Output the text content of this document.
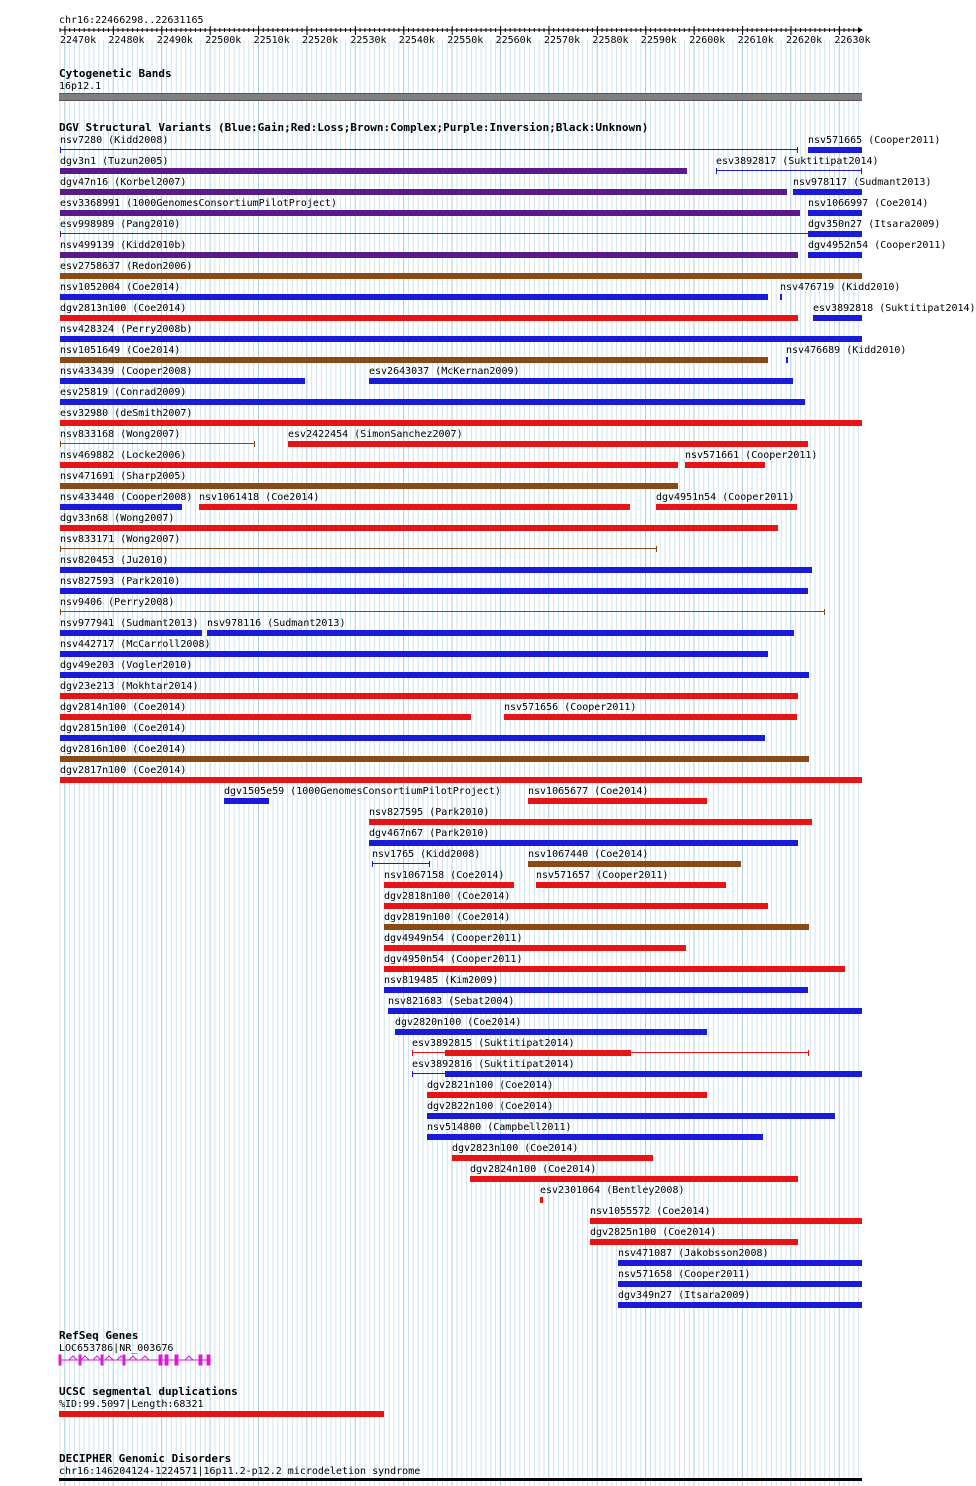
chr16:22466298..22631165
22470k 22480k 22490k 22500k 22510k 22520k 22530k 22540k 22550k 22560k 22570k 22580k 22590k 22600k 22610k 22620k 22630k
Cytogenetic Bands
16p12.1
DGV Structural Variants (Blue:Gain;Red:Loss;Brown:Complex;Purple:Inversion;Black:Unknown)
nsv7280 (Kidd2008)	nsv571665 (Cooper2011)
dgv3n1 (Tuzun2005)	esv3892817 (Suktitipat2014)
dgv47n16 (Korbel2007)	nsv978117 (Sudmant2013)
esv3368991 (1000GenomesConsortiumPilotProject)	nsv1066997 (Coe2014)
esv998989 (Pang2010)	dgv350n27 (Itsara2009)
nsv499139 (Kidd2010b)	dgv4952n54 (Cooper2011)
esv2758637 (Redon2006)
nsv1052004 (Coe2014)	nsv476719 (Kidd2010)
dgv2813n100 (Coe2014)	esv3892818 (Suktitipat2014)
nsv428324 (Perry2008b)
nsv1051649 (Coe2014)	nsv476689 (Kidd2010)
nsv433439 (Cooper2008)	esv2643037 (McKernan2009)
esv25819 (Conrad2009)
esv32980 (deSmith2007)
nsv833168 (Wong2007)	esv2422454 (SimonSanchez2007)
nsv469882 (Locke2006)	nsv571661 (Cooper2011)
nsv471691 (Sharp2005)
nsv433440 (Cooper2008) nsv1061418 (Coe2014)	dgv4951n54 (Cooper2011)
dgv33n68 (Wong2007)
nsv833171 (Wong2007)
nsv820453 (Ju2010)
nsv827593 (Park2010)
nsv9406 (Perry2008)
nsv977941 (Sudmant2013) nsv978116 (Sudmant2013)
nsv442717 (McCarroll2008)
dgv49e203 (Vogler2010)
dgv23e213 (Mokhtar2014)
dgv2814n100 (Coe2014)	nsv571656 (Cooper2011)
dgv2815n100 (Coe2014)
dgv2816n100 (Coe2014)
dgv2817n100 (Coe2014)
dgv1505e59 (1000GenomesConsortiumPilotProject)	nsv1065677 (Coe2014)
nsv827595 (Park2010)
dgv467n67 (Park2010)
nsv1765 (Kidd2008)	nsv1067440 (Coe2014)
nsv1067158 (Coe2014)	nsv571657 (Cooper2011)
dgv2818n100 (Coe2014)
dgv2819n100 (Coe2014)
dgv4949n54 (Cooper2011)
dgv4950n54 (Cooper2011)
nsv819485 (Kim2009)
nsv821683 (Sebat2004)
dgv2820n100 (Coe2014)
esv3892815 (Suktitipat2014)
esv3892816 (Suktitipat2014)
dgv2821n100 (Coe2014)
dgv2822n100 (Coe2014)
nsv514800 (Campbell2011)
dgv2823n100 (Coe2014)
dgv2824n100 (Coe2014)
esv2301064 (Bentley2008)
nsv1055572 (Coe2014)
dgv2825n100 (Coe2014)
nsv471087 (Jakobsson2008)
nsv571658 (Cooper2011)
dgv349n27 (Itsara2009)
RefSeq Genes
LOC653786|NR_003676
UCSC segmental duplications
%ID:99.5097|Length:68321
DECIPHER Genomic Disorders
chr16:146204124-1224571|16p11.2-p12.2 microdeletion syndrome
